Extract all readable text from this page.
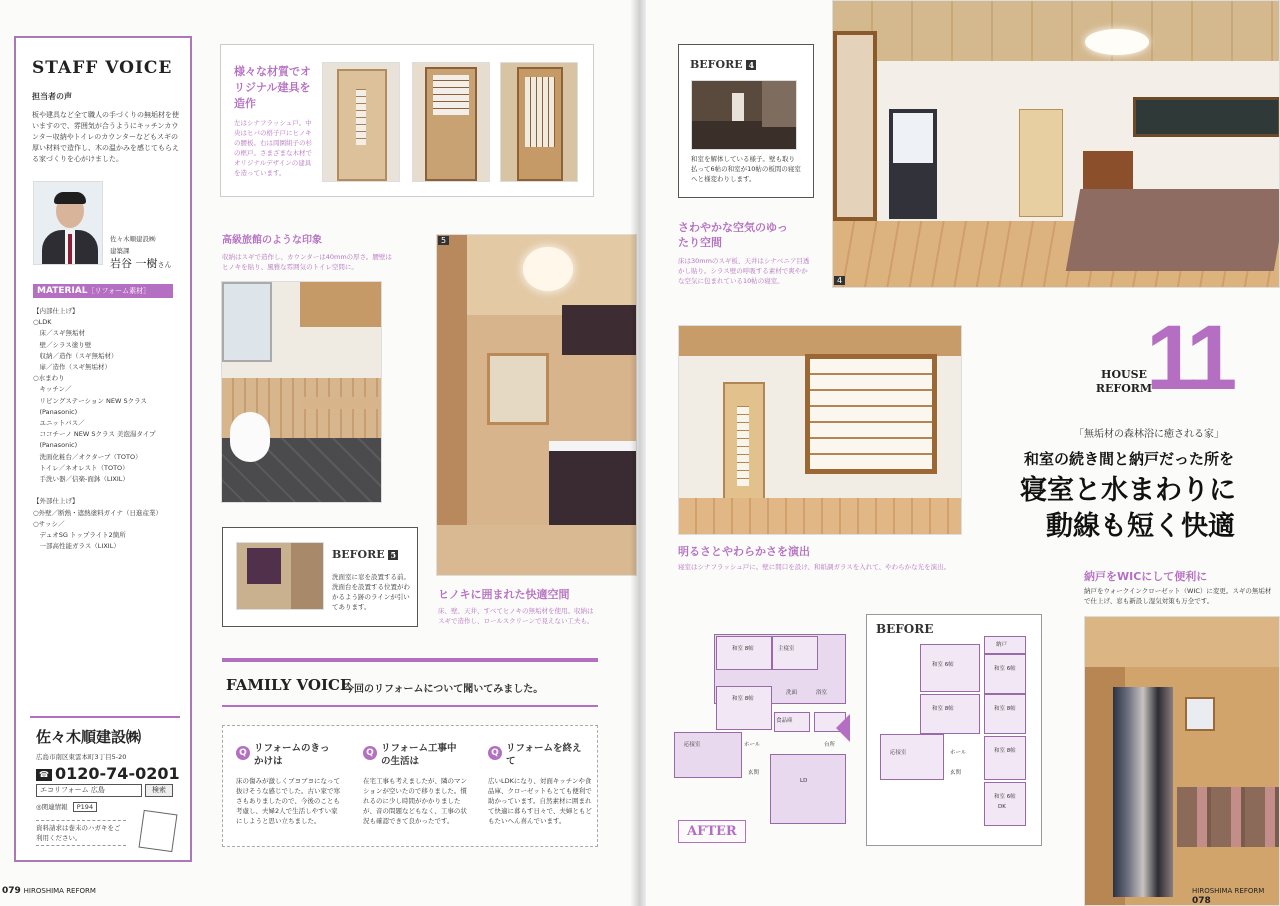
STAFF VOICE
担当者の声
板や建具など全て職人の手づくりの無垢材を使いますので、雰囲気が合うようにキッチンカウンター収納やトイレのカウンターなどもスギの厚い材料で造作し、木の温かみを感じてもらえる家づくりを心がけました。
佐々木順建設㈱
建築課
岩谷 一樹さん
MATERIAL［リフォーム素材］
【内部仕上げ】
○LDK
　床／スギ無垢材
　壁／シラス塗り壁
　収納／造作（スギ無垢材）
　扉／造作（スギ無垢材）
○水まわり
　キッチン／
　リビングステーション NEW Sクラス
　(Panasonic)
　ユニットバス／
　ココチーノ NEW Sクラス 美泡湯タイプ
　(Panasonic)
　洗面化粧台／オクターブ（TOTO）
　トイレ／ネオレスト（TOTO）
　手洗い器／信楽-面鉢（LIXIL）

【外部仕上げ】
○外壁／断熱・遮熱塗料ガイナ（日進産業）
○サッシ／
　デュオSG トップライト2箇所
　一部高性能ガラス（LIXIL）
佐々木順建設㈱
広島市南区東雲本町3丁目5-20
☎ 0120-74-0201
エコリフォーム 広島	検索
◎関連情報 P194
資料請求は巻末のハガキをご利用ください。
様々な材質でオリジナル建具を造作
左はシナフラッシュ戸。中央はヒバの格子戸にヒノキの腰板。右は岡園組子の杉の框戸。さまざまな木材でオリジナルデザインの建具を造っています。
高級旅館のような印象
収納はスギで造作し、カウンターは40mmの厚さ。腰壁はヒノキを貼り、風雅な雰囲気のトイレ空間に。
5
BEFORE 5
洗面室に窓を設置する前。洗面台を設置する位置がわかるよう跡のラインが引いてあります。
ヒノキに囲まれた快適空間
床、壁、天井、すべてヒノキの無垢材を使用。収納はスギで造作し、ロールスクリーンで見えない工夫も。
FAMILY VOICE
今回のリフォームについて聞いてみました。
Q リフォームのきっかけは
床の傷みが激しくブヨブヨになって抜けそうな感じでした。古い家で寒さもありましたので、今後のことも考慮し、夫婦2人で生活しやすい家にしようと思い立ちました。
Q リフォーム工事中の生活は
在宅工事も考えましたが、隣のマンションが空いたので移りました。慣れるのに少し時間がかかりましたが、音の問題などもなく、工事の状況も確認できて良かったです。
Q リフォームを終えて
広いLDKになり、対面キッチンや食品庫、クローゼットもとても便利で助かっています。自然素材に囲まれて快適に暮らす日々で、夫婦ともどもたいへん喜んでいます。
079 HIROSHIMA REFORM
BEFORE 4
和室を解体している様子。壁も取り払って6帖の和室が10帖の板間の寝室へと様変わりします。
4
さわやかな空気のゆったり空間
床は30mmのスギ板、天井はシナベニア目透かし貼り。シラス壁の呼吸する素材で爽やかな空気に包まれている10帖の寝室。
HOUSE REFORM
11
「無垢材の森林浴に癒される家」
和室の続き間と納戸だった所を
寝室と水まわりに
動線も短く快適
明るさとやわらかさを演出
寝室はシナフラッシュ戸に。壁に間口を設け、和紙調ガラスを入れて、やわらかな光を演出。
納戸をWICにして便利に
納戸をウォークインクローゼット（WIC）に変更。スギの無垢材で仕上げ、窓も新設し湿気対策も万全です。
和室 8帖	主寝室
和室 8帖
応接室	ホール
食品庫
LD
洗面	浴室
玄関
台所
AFTER
BEFORE
納戸
和室 6帖
和室 6帖
和室 8帖	和室 8帖
和室 8帖
応接室	ホール
玄関
和室 6帖
DK
HIROSHIMA REFORM 078
